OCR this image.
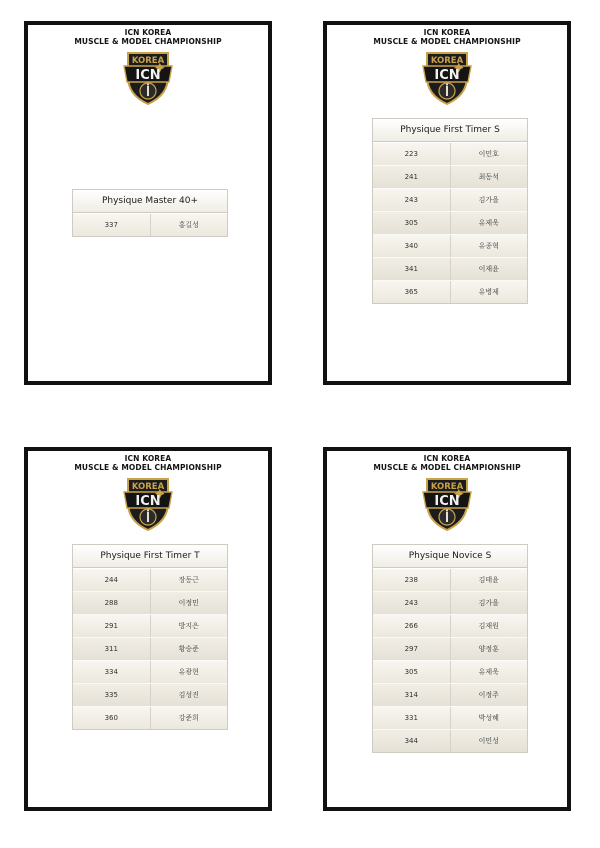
ICN KOREA
MUSCLE & MODEL CHAMPIONSHIP
KOREA
ICN
Physique Master 40+
337	홍길성
ICN KOREA
MUSCLE & MODEL CHAMPIONSHIP
KOREA
ICN
Physique First Timer S
223	이민호
241	최동석
243	김가을
305	유제욱
340	유종혁
341	이재윤
365	유병제
ICN KOREA
MUSCLE & MODEL CHAMPIONSHIP
KOREA
ICN
Physique First Timer T
244	장동근
288	이정민
291	방지은
311	황승준
334	유광현
335	김성진
360	강준희
ICN KOREA
MUSCLE & MODEL CHAMPIONSHIP
KOREA
ICN
Physique Novice S
238	김태윤
243	김가을
266	김재원
297	양정훈
305	유제욱
314	이정주
331	박성혜
344	이민성
